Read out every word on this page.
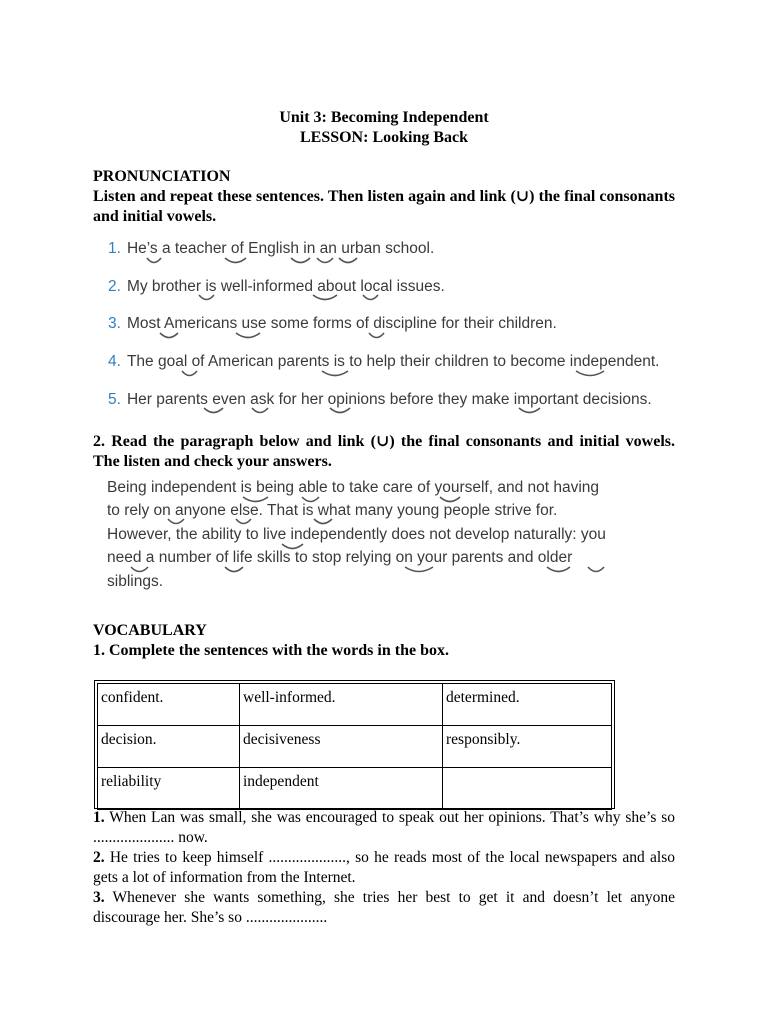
Unit 3: Becoming Independent
LESSON: Looking Back
PRONUNCIATION
Listen and repeat these sentences. Then listen again and link (∪) the final consonants and initial vowels.
1. He’s a teacher of English in an urban school.
2. My brother is well-informed about local issues.
3. Most Americans use some forms of discipline for their children.
4. The goal of American parents is to help their children to become independent.
5. Her parents even ask for her opinions before they make important decisions.
2. Read the paragraph below and link (∪) the final consonants and initial vowels. The listen and check your answers.
Being independent is being able to take care of yourself, and not having
to rely on anyone else. That is what many young people strive for.
However, the ability to live independently does not develop naturally: you
need a number of life skills to stop relying on your parents and older
siblings.
VOCABULARY
1. Complete the sentences with the words in the box.
confident.	well-informed.	determined.
decision.	decisiveness	responsibly.
reliability	independent	
1. When Lan was small, she was encouraged to speak out her opinions. That’s why she’s so ..................... now.
2. He tries to keep himself ...................., so he reads most of the local newspapers and also gets a lot of information from the Internet.
3. Whenever she wants something, she tries her best to get it and doesn’t let anyone discourage her. She’s so .....................
